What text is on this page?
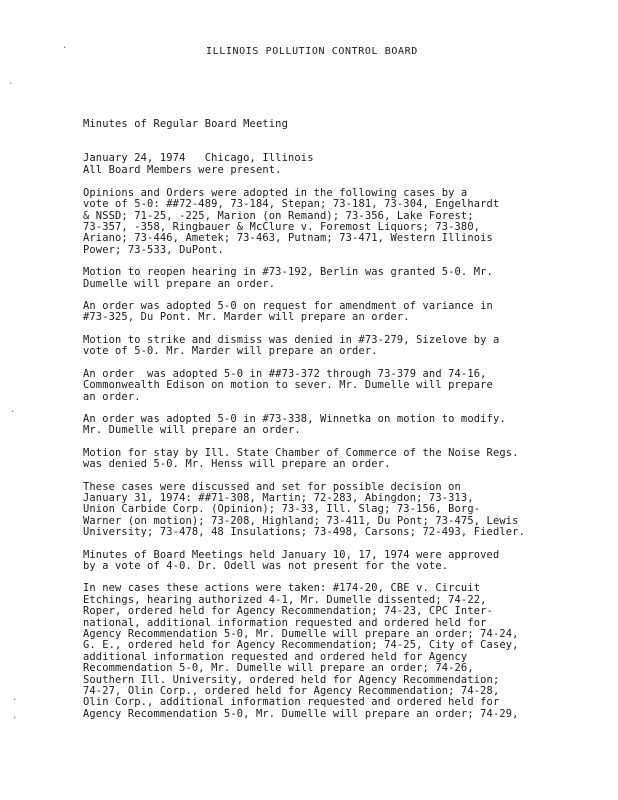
.
.
.
.
.
ILLINOIS POLLUTION CONTROL BOARD

Minutes of Regular Board Meeting

January 24, 1974   Chicago, Illinois

All Board Members were present.

Opinions and Orders were adopted in the following cases by a
vote of 5-0: ##72-489, 73-184, Stepan; 73-181, 73-304, Engelhardt
& NSSD; 71-25, -225, Marion (on Remand); 73-356, Lake Forest;
73-357, -358, Ringbauer & McClure v. Foremost Liquors; 73-380,
Ariano; 73-446, Ametek; 73-463, Putnam; 73-471, Western Illinois
Power; 73-533, DuPont.

Motion to reopen hearing in #73-192, Berlin was granted 5-0. Mr.
Dumelle will prepare an order.

An order was adopted 5-0 on request for amendment of variance in
#73-325, Du Pont. Mr. Marder will prepare an order.

Motion to strike and dismiss was denied in #73-279, Sizelove by a
vote of 5-0. Mr. Marder will prepare an order.

An order  was adopted 5-0 in ##73-372 through 73-379 and 74-16,
Commonwealth Edison on motion to sever. Mr. Dumelle will prepare
an order.

An order was adopted 5-0 in #73-338, Winnetka on motion to modify.
Mr. Dumelle will prepare an order.

Motion for stay by Ill. State Chamber of Commerce of the Noise Regs.
was denied 5-0. Mr. Henss will prepare an order.

These cases were discussed and set for possible decision on
January 31, 1974: ##71-308, Martin; 72-283, Abingdon; 73-313,
Union Carbide Corp. (Opinion); 73-33, Ill. Slag; 73-156, Borg-
Warner (on motion); 73-208, Highland; 73-411, Du Pont; 73-475, Lewis
University; 73-478, 48 Insulations; 73-498, Carsons; 72-493, Fiedler.

Minutes of Board Meetings held January 10, 17, 1974 were approved
by a vote of 4-0. Dr. Odell was not present for the vote.

In new cases these actions were taken: #174-20, CBE v. Circuit
Etchings, hearing authorized 4-1, Mr. Dumelle dissented; 74-22,
Roper, ordered held for Agency Recommendation; 74-23, CPC Inter-
national, additional information requested and ordered held for
Agency Recommendation 5-0, Mr. Dumelle will prepare an order; 74-24,
G. E., ordered held for Agency Recommendation; 74-25, City of Casey,
additional information requested and ordered held for Agency
Recommendation 5-0, Mr. Dumelle will prepare an order; 74-26,
Southern Ill. University, ordered held for Agency Recommendation;
74-27, Olin Corp., ordered held for Agency Recommendation; 74-28,
Olin Corp., additional information requested and ordered held for
Agency Recommendation 5-0, Mr. Dumelle will prepare an order; 74-29,
